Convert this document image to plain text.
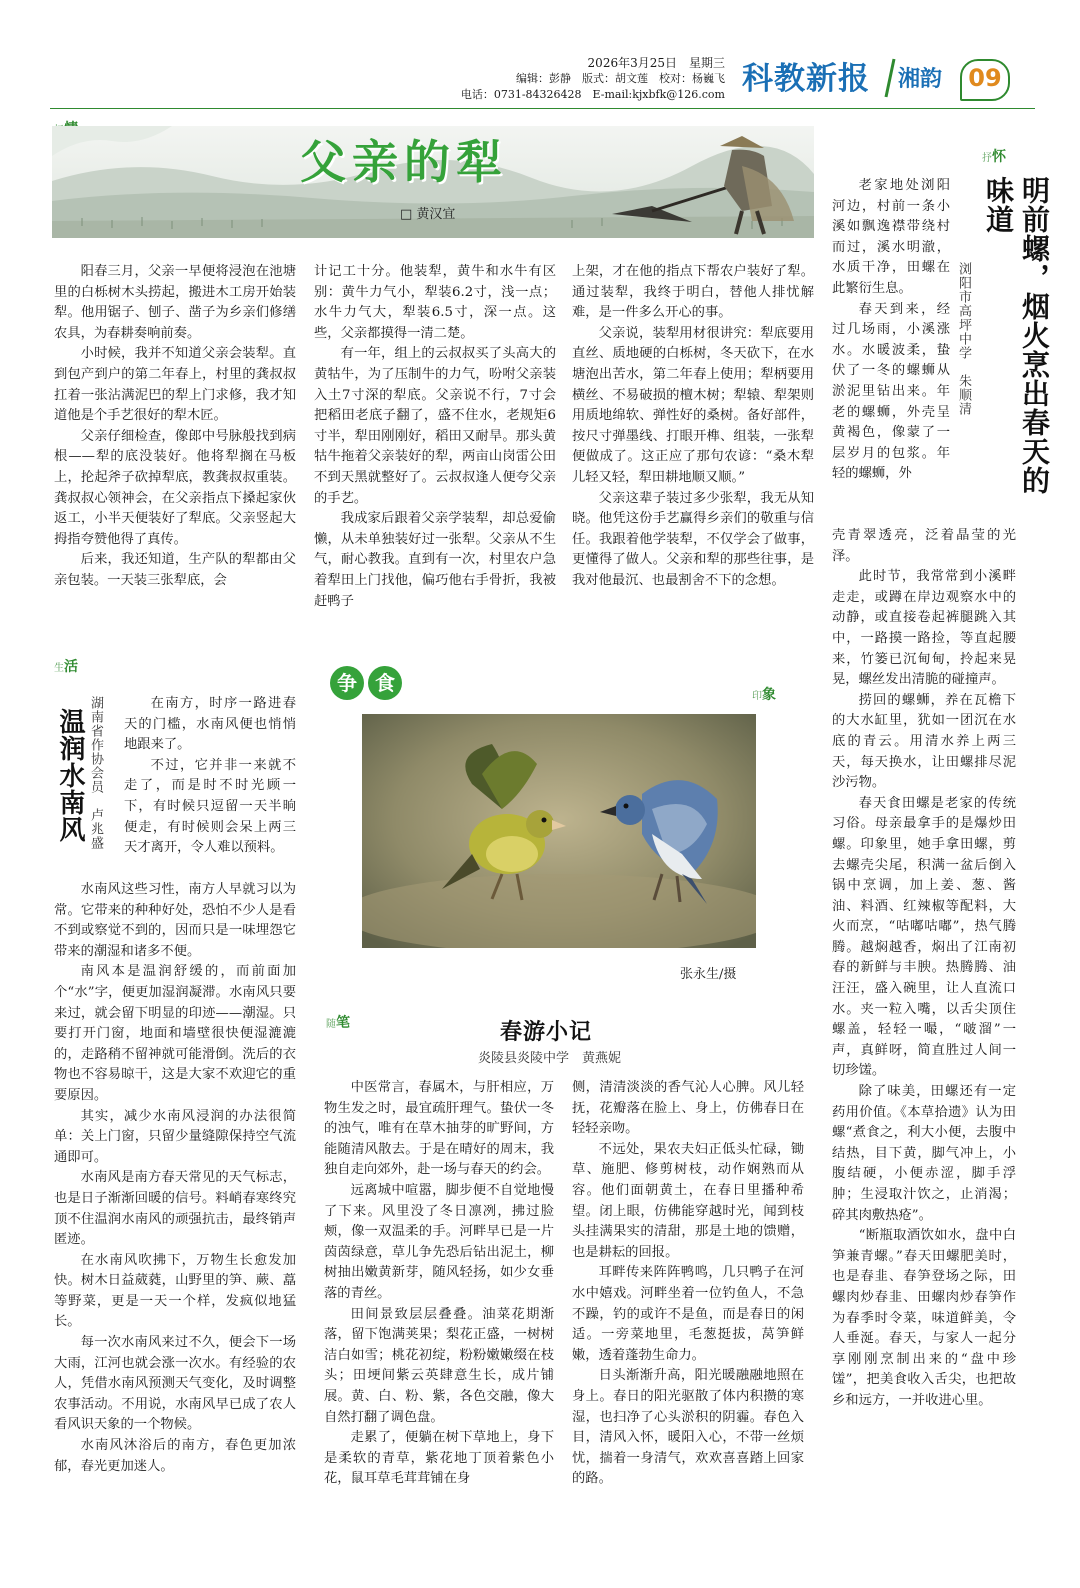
2026年3月25日　星期三
编辑：彭静　版式：胡文莲　校对：杨巍飞
电话：0731-84326428　E-mail:kjxbfk@126.com 科教新报 湘韵 09
父亲的犁
□ 黄汉宜

阳春三月，父亲一早便将浸泡在池塘里的白栎树木头捞起，搬进木工房开始装犁。他用锯子、刨子、凿子为乡亲们修缮农具，为春耕奏响前奏。

小时候，我并不知道父亲会装犁。直到包产到户的第二年春上，村里的龚叔叔扛着一张沾满泥巴的犁上门求修，我才知道他是个手艺很好的犁木匠。

父亲仔细检查，像郎中号脉般找到病根——犁的底没装好。他将犁搁在马板上，抡起斧子砍掉犁底，教龚叔叔重装。龚叔叔心领神会，在父亲指点下搡起家伙返工，小半天便装好了犁底。父亲竖起大拇指夸赞他得了真传。

后来，我还知道，生产队的犁都由父亲包装。一天装三张犁底，会

计记工十分。他装犁，黄牛和水牛有区别：黄牛力气小，犁装6.2寸，浅一点；水牛力气大，犁装6.5寸，深一点。这些，父亲都摸得一清二楚。

有一年，组上的云叔叔买了头高大的黄牯牛，为了压制牛的力气，吩咐父亲装入土7寸深的犁底。父亲说不行，7寸会把稻田老底子翻了，盛不住水，老规矩6寸半，犁田刚刚好，稻田又耐旱。那头黄牯牛拖着父亲装好的犁，两亩山岗雷公田不到天黑就整好了。云叔叔逢人便夸父亲的手艺。

我成家后跟着父亲学装犁，却总爱偷懒，从未单独装好过一张犁。父亲从不生气，耐心教我。直到有一次，村里农户急着犁田上门找他，偏巧他右手骨折，我被赶鸭子

上架，才在他的指点下帮农户装好了犁。通过装犁，我终于明白，替他人排忧解难，是一件多么开心的事。

父亲说，装犁用材很讲究：犁底要用直丝、质地硬的白栎树，冬天砍下，在水塘泡出苦水，第二年春上使用；犁柄要用横丝、不易破损的檀木树；犁辕、犁架则用质地绵软、弹性好的桑树。备好部件，按尺寸弹墨线、打眼开榫、组装，一张犁便做成了。这正应了那句农谚：“桑木犁儿轻又轻，犁田耕地顺又顺。”

父亲这辈子装过多少张犁，我无从知晓。他凭这份手艺赢得乡亲们的敬重与信任。我跟着他学装犁，不仅学会了做事，更懂得了做人。父亲和犁的那些往事，是我对他最沉、也最割舍不下的念想。

抒怀
明前螺，烟火烹出春天的味道
浏阳市高坪中学　朱顺清

老家地处浏阳河边，村前一条小溪如飘逸襟带绕村而过，溪水明澈，水质干净，田螺在此繁衍生息。

春天到来，经过几场雨，小溪涨水。水暖波柔，蛰伏了一冬的螺蛳从淤泥里钻出来。年老的螺蛳，外壳呈黄褐色，像蒙了一层岁月的包浆。年轻的螺蛳，外

壳青翠透亮，泛着晶莹的光泽。

此时节，我常常到小溪畔走走，或蹲在岸边观察水中的动静，或直接卷起裤腿跳入其中，一路摸一路捡，等直起腰来，竹篓已沉甸甸，拎起来晃晃，螺丝发出清脆的碰撞声。

捞回的螺蛳，养在瓦檐下的大水缸里，犹如一团沉在水底的青云。用清水养上两三天，每天换水，让田螺排尽泥沙污物。

春天食田螺是老家的传统习俗。母亲最拿手的是爆炒田螺。印象里，她手拿田螺，剪去螺壳尖尾，积满一盆后倒入锅中烹调，加上姜、葱、酱油、料酒、红辣椒等配料，大火而烹，“咕嘟咕嘟”，热气腾腾。越焖越香，焖出了江南初春的新鲜与丰腴。热腾腾、油汪汪，盛入碗里，让人直流口水。夹一粒入嘴，以舌尖顶住螺盖，轻轻一嘬，“啵溜”一声，真鲜呀，简直胜过人间一切珍馐。

除了味美，田螺还有一定药用价值。《本草拾遗》认为田螺“煮食之，利大小便，去腹中结热，目下黄，脚气冲上，小腹结硬，小便赤涩，脚手浮肿；生浸取汁饮之，止消渴；碎其肉敷热疮”。

“断瓶取酒饮如水，盘中白笋兼青螺。”春天田螺肥美时，也是春韭、春笋登场之际，田螺肉炒春韭、田螺肉炒春笋作为春季时令菜，味道鲜美，令人垂涎。春天，与家人一起分享刚刚烹制出来的“盘中珍馐”，把美食收入舌尖，也把故乡和远方，一并收进心里。

生活
温润水南风 湖南省作协会员　卢兆盛	在南方，时序一路进春天的门槛，水南风便也悄悄地跟来了。

不过，它并非一来就不走了，而是时不时光顾一下，有时候只逗留一天半晌便走，有时候则会呆上两三天才离开，令人难以预料。

水南风这些习性，南方人早就习以为常。它带来的种种好处，恐怕不少人是看不到或察觉不到的，因而只是一味埋怨它带来的潮湿和诸多不便。

南风本是温润舒缓的，而前面加个“水”字，便更加湿润凝滞。水南风只要来过，就会留下明显的印迹——潮湿。只要打开门窗，地面和墙壁很快便湿漉漉的，走路稍不留神就可能滑倒。洗后的衣物也不容易晾干，这是大家不欢迎它的重要原因。

其实，减少水南风浸润的办法很简单：关上门窗，只留少量缝隙保持空气流通即可。

水南风是南方春天常见的天气标志，也是日子渐渐回暖的信号。料峭春寒终究顶不住温润水南风的顽强抗击，最终销声匿迹。

在水南风吹拂下，万物生长愈发加快。树木日益葳蕤，山野里的笋、蕨、藠等野菜，更是一天一个样，发疯似地猛长。

每一次水南风来过不久，便会下一场大雨，江河也就会涨一次水。有经验的农人，凭借水南风预测天气变化，及时调整农事活动。不用说，水南风早已成了农人看风识天象的一个物候。

水南风沐浴后的南方，春色更加浓郁，春光更加迷人。

争 食
印象
张永生/摄
随笔	春游小记
炎陵县炎陵中学　黄燕妮

中医常言，春属木，与肝相应，万物生发之时，最宜疏肝理气。蛰伏一冬的浊气，唯有在草木抽芽的旷野间，方能随清风散去。于是在晴好的周末，我独自走向郊外，赴一场与春天的约会。

远离城中喧嚣，脚步便不自觉地慢了下来。风里没了冬日凛冽，拂过脸颊，像一双温柔的手。河畔早已是一片茵茵绿意，草儿争先恐后钻出泥土，柳树抽出嫩黄新芽，随风轻扬，如少女垂落的青丝。

田间景致层层叠叠。油菜花期渐落，留下饱满荚果；梨花正盛，一树树洁白如雪；桃花初绽，粉粉嫩嫩缀在枝头；田埂间紫云英肆意生长，成片铺展。黄、白、粉、紫，各色交融，像大自然打翻了调色盘。

走累了，便躺在树下草地上，身下是柔软的青草，紫花地丁顶着紫色小花，鼠耳草毛茸茸铺在身

侧，清清淡淡的香气沁人心脾。风儿轻抚，花瓣落在脸上、身上，仿佛春日在轻轻亲吻。

不远处，果农夫妇正低头忙碌，锄草、施肥、修剪树枝，动作娴熟而从容。他们面朝黄土，在春日里播种希望。闭上眼，仿佛能穿越时光，闻到枝头挂满果实的清甜，那是土地的馈赠，也是耕耘的回报。

耳畔传来阵阵鸭鸣，几只鸭子在河水中嬉戏。河畔坐着一位钓鱼人，不急不躁，钓的或许不是鱼，而是春日的闲适。一旁菜地里，毛葱挺拔，莴笋鲜嫩，透着蓬勃生命力。

日头渐渐升高，阳光暖融融地照在身上。春日的阳光驱散了体内积攒的寒湿，也扫净了心头淤积的阴霾。春色入目，清风入怀，暖阳入心，不带一丝烦忧，揣着一身清气，欢欢喜喜踏上回家的路。
